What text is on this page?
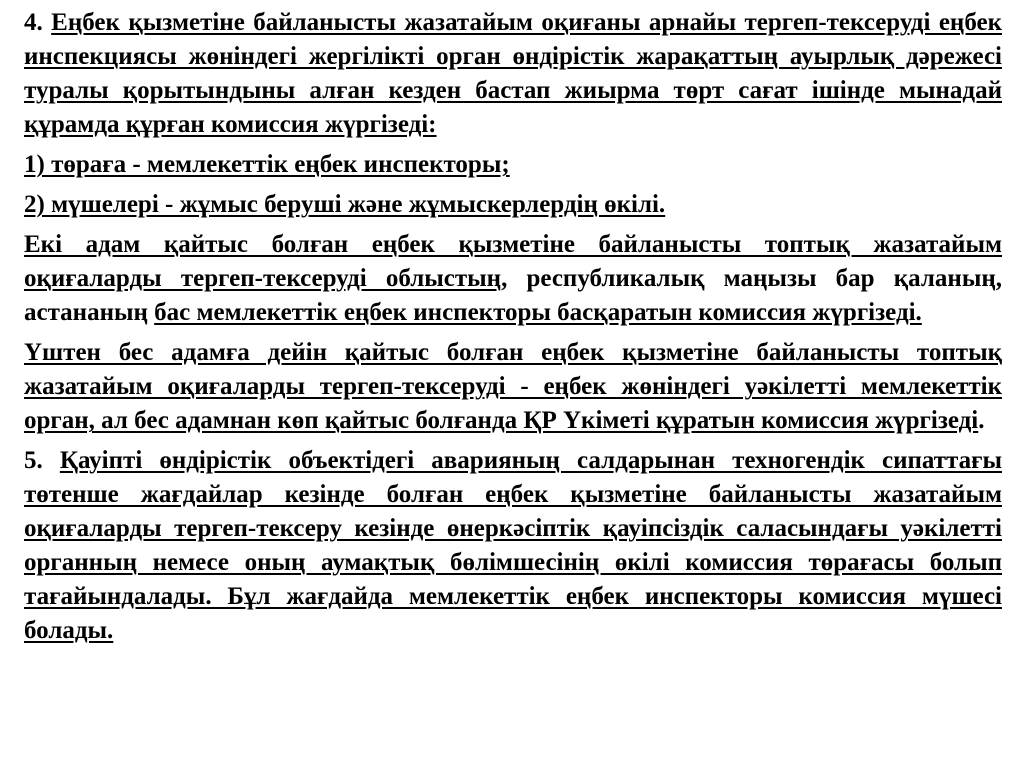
4. Еңбек қызметіне байланысты жазатайым оқиғаны арнайы тергеп-тексеруді еңбек инспекциясы жөніндегі жергілікті орган өндірістік жарақаттың ауырлық дәрежесі туралы қорытындыны алған кезден бастап жиырма төрт сағат ішінде мынадай құрамда құрған комиссия жүргізеді:

1) төраға - мемлекеттік еңбек инспекторы;

2) мүшелері - жұмыс беруші және жұмыскерлердің өкілі.

Екі адам қайтыс болған еңбек қызметіне байланысты топтық жазатайым оқиғаларды тергеп-тексеруді облыстың, республикалық маңызы бар қаланың, астананың бас мемлекеттік еңбек инспекторы басқаратын комиссия жүргізеді.

Үштен бес адамға дейін қайтыс болған еңбек қызметіне байланысты топтық жазатайым оқиғаларды тергеп-тексеруді - еңбек жөніндегі уәкілетті мемлекеттік орган, ал бес адамнан көп қайтыс болғанда ҚР Үкіметі құратын комиссия жүргізеді.

5. Қауіпті өндірістік объектідегі аварияның салдарынан техногендік сипаттағы төтенше жағдайлар кезінде болған еңбек қызметіне байланысты жазатайым оқиғаларды тергеп-тексеру кезінде өнеркәсіптік қауіпсіздік саласындағы уәкілетті органның немесе оның аумақтық бөлімшесінің өкілі комиссия төрағасы болып тағайындалады. Бұл жағдайда мемлекеттік еңбек инспекторы комиссия мүшесі болады.
